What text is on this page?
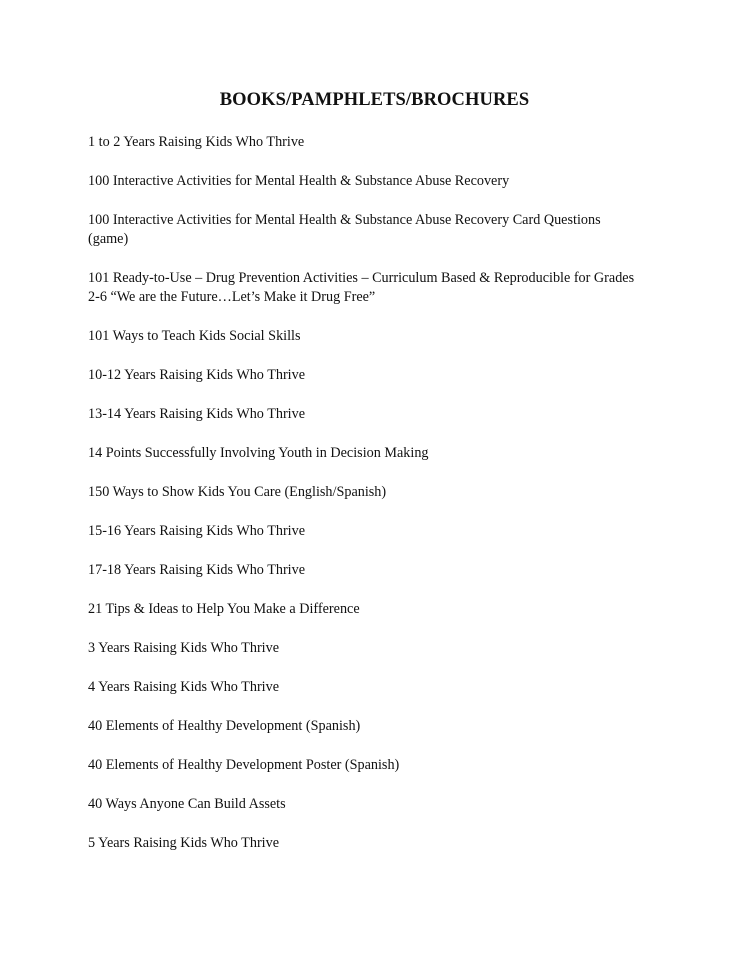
BOOKS/PAMPHLETS/BROCHURES
1 to 2 Years Raising Kids Who Thrive
100 Interactive Activities for Mental Health & Substance Abuse Recovery
100 Interactive Activities for Mental Health & Substance Abuse Recovery Card Questions
(game)
101 Ready-to-Use – Drug Prevention Activities – Curriculum Based & Reproducible for Grades
2-6 “We are the Future…Let’s Make it Drug Free”
101 Ways to Teach Kids Social Skills
10-12 Years Raising Kids Who Thrive
13-14 Years Raising Kids Who Thrive
14 Points Successfully Involving Youth in Decision Making
150 Ways to Show Kids You Care (English/Spanish)
15-16 Years Raising Kids Who Thrive
17-18 Years Raising Kids Who Thrive
21 Tips & Ideas to Help You Make a Difference
3 Years Raising Kids Who Thrive
4 Years Raising Kids Who Thrive
40 Elements of Healthy Development (Spanish)
40 Elements of Healthy Development Poster (Spanish)
40 Ways Anyone Can Build Assets
5 Years Raising Kids Who Thrive
